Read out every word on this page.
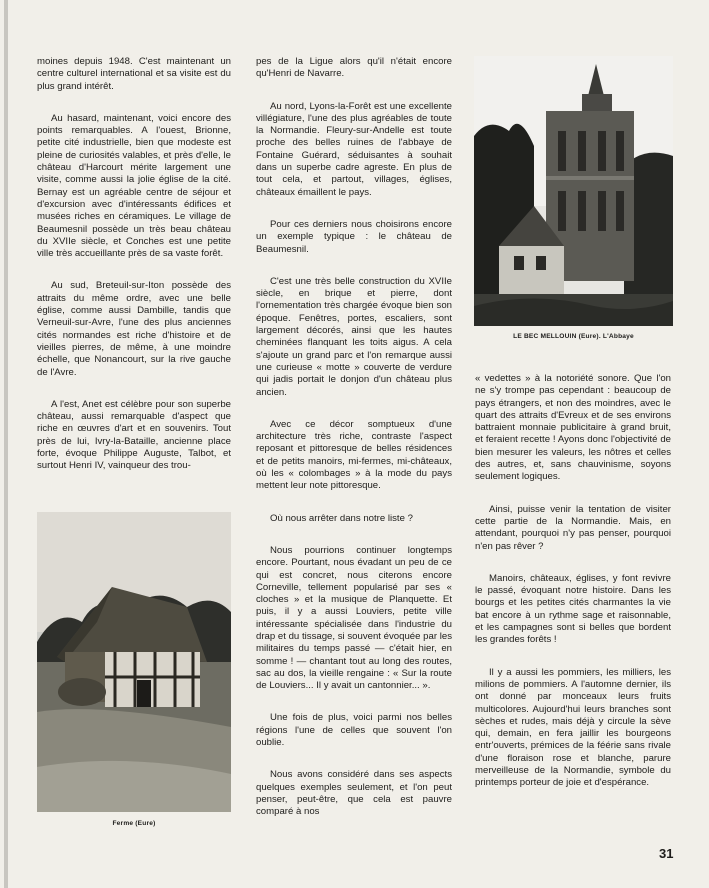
moines depuis 1948. C'est maintenant un centre culturel international et sa visite est du plus grand intérêt.

Au hasard, maintenant, voici encore des points remarquables. A l'ouest, Brionne, petite cité industrielle, bien que modeste est pleine de curiosités valables, et près d'elle, le château d'Harcourt mérite largement une visite, comme aussi la jolie église de la cité. Bernay est un agréable centre de séjour et d'excursion avec d'intéressants édifices et musées riches en céramiques. Le village de Beaumesnil possède un très beau château du XVIIe siècle, et Conches est une petite ville très accueillante près de sa vaste forêt.

Au sud, Breteuil-sur-Iton possède des attraits du même ordre, avec une belle église, comme aussi Dambille, tandis que Verneuil-sur-Avre, l'une des plus anciennes cités normandes est riche d'histoire et de vieilles pierres, de même, à une moindre échelle, que Nonancourt, sur la rive gauche de l'Avre.

A l'est, Anet est célèbre pour son superbe château, aussi remarquable d'aspect que riche en œuvres d'art et en souvenirs. Tout près de lui, Ivry-la-Bataille, ancienne place forte, évoque Philippe Auguste, Talbot, et surtout Henri IV, vainqueur des trou-

Ferme (Eure)

pes de la Ligue alors qu'il n'était encore qu'Henri de Navarre.

Au nord, Lyons-la-Forêt est une excellente villégiature, l'une des plus agréables de toute la Normandie. Fleury-sur-Andelle est toute proche des belles ruines de l'abbaye de Fontaine Guérard, séduisantes à souhait dans un superbe cadre agreste. En plus de tout cela, et partout, villages, églises, châteaux émaillent le pays.

Pour ces derniers nous choisirons encore un exemple typique : le château de Beaumesnil.

C'est une très belle construction du XVIIe siècle, en brique et pierre, dont l'ornementation très chargée évoque bien son époque. Fenêtres, portes, escaliers, sont largement décorés, ainsi que les hautes cheminées flanquant les toits aigus. A cela s'ajoute un grand parc et l'on remarque aussi une curieuse « motte » couverte de verdure qui jadis portait le donjon d'un château plus ancien.

Avec ce décor somptueux d'une architecture très riche, contraste l'aspect reposant et pittoresque de belles résidences et de petits manoirs, mi-fermes, mi-châteaux, où les « colombages » à la mode du pays mettent leur note pittoresque.

Où nous arrêter dans notre liste ?

Nous pourrions continuer longtemps encore. Pourtant, nous évadant un peu de ce qui est concret, nous citerons encore Corneville, tellement popularisé par ses « cloches » et la musique de Planquette. Et puis, il y a aussi Louviers, petite ville intéressante spécialisée dans l'industrie du drap et du tissage, si souvent évoquée par les militaires du temps passé — c'était hier, en somme ! — chantant tout au long des routes, sac au dos, la vieille rengaine : « Sur la route de Louviers... Il y avait un cantonnier... ».

Une fois de plus, voici parmi nos belles régions l'une de celles que souvent l'on oublie.

Nous avons considéré dans ses aspects quelques exemples seulement, et l'on peut penser, peut-être, que cela est pauvre comparé à nos

LE BEC MELLOUIN (Eure). L'Abbaye

« vedettes » à la notoriété sonore. Que l'on ne s'y trompe pas cependant : beaucoup de pays étrangers, et non des moindres, avec le quart des attraits d'Evreux et de ses environs battraient monnaie publicitaire à grand bruit, et feraient recette ! Ayons donc l'objectivité de bien mesurer les valeurs, les nôtres et celles des autres, et, sans chauvinisme, soyons seulement logiques.

Ainsi, puisse venir la tentation de visiter cette partie de la Normandie. Mais, en attendant, pourquoi n'y pas penser, pourquoi n'en pas rêver ?

Manoirs, châteaux, églises, y font revivre le passé, évoquant notre histoire. Dans les bourgs et les petites cités charmantes la vie bat encore à un rythme sage et raisonnable, et les campagnes sont si belles que bordent les grandes forêts !

Il y a aussi les pommiers, les milliers, les milions de pommiers. A l'automne dernier, ils ont donné par monceaux leurs fruits multicolores. Aujourd'hui leurs branches sont sèches et rudes, mais déjà y circule la sève qui, demain, en fera jaillir les bourgeons entr'ouverts, prémices de la féérie sans rivale d'une floraison rose et blanche, parure merveilleuse de la Normandie, symbole du printemps porteur de joie et d'espérance.

31
